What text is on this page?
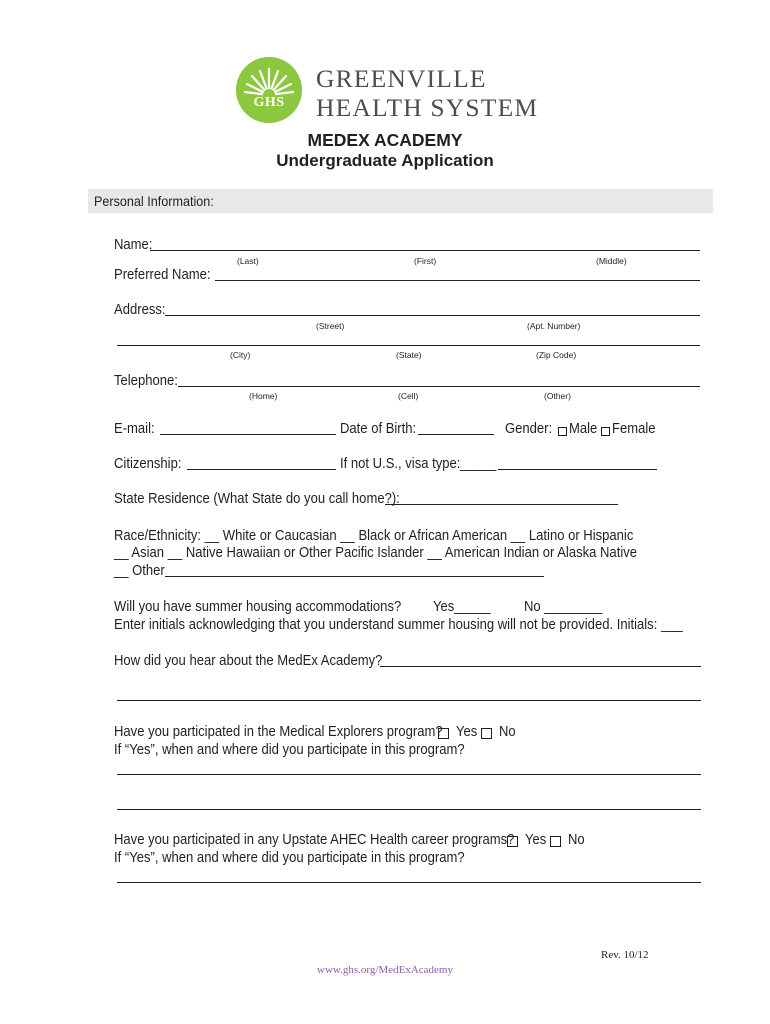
GHS
GREENVILLE
HEALTH SYSTEM
MEDEX ACADEMY
Undergraduate Application
Personal Information:
Name:
(Last)	(First)	(Middle)
Preferred Name:
Address:
(Street)	(Apt. Number)
(City)	(State)	(Zip Code)
Telephone:
(Home)	(Cell)	(Other)
E-mail:	Date of Birth:	Gender: Male Female
Citizenship:	If not U.S., visa type: _____
State Residence (What State do you call home?):
Race/Ethnicity: __ White or Caucasian __ Black or African American __ Latino or Hispanic
__ Asian __ Native Hawaiian or Other Pacific Islander __ American Indian or Alaska Native
__ Other
Will you have summer housing accommodations? Yes_____ No ________
Enter initials acknowledging that you understand summer housing will not be provided. Initials: ___
How did you hear about the MedEx Academy?
Have you participated in the Medical Explorers program? Yes No
If “Yes”, when and where did you participate in this program?
Have you participated in any Upstate AHEC Health career programs? Yes No
If “Yes”, when and where did you participate in this program?
Rev. 10/12
www.ghs.org/MedExAcademy
